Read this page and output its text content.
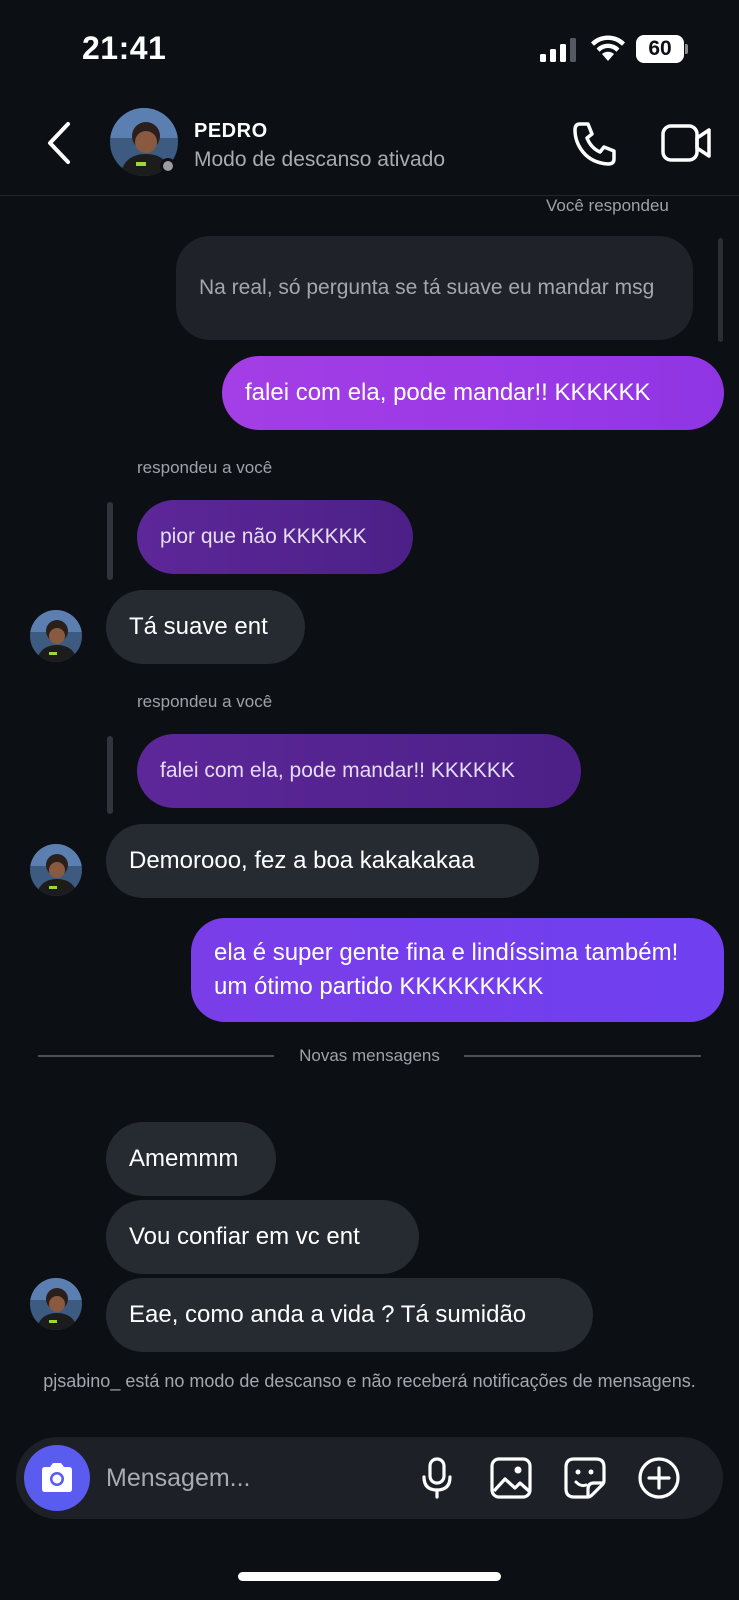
21:41	60
PEDRO
Modo de descanso ativado
Você respondeu
Na real, só pergunta se tá suave eu mandar msg
falei com ela, pode mandar!! KKKKKK
respondeu a você
pior que não KKKKKK
Tá suave ent
respondeu a você
falei com ela, pode mandar!! KKKKKK
Demorooo, fez a boa kakakakaa
ela é super gente fina e lindíssima também! um ótimo partido KKKKKKKKK
Novas mensagens
Amemmm
Vou confiar em vc ent
Eae, como anda a vida ? Tá sumidão
pjsabino_ está no modo de descanso e não receberá notificações de mensagens.
Mensagem...
